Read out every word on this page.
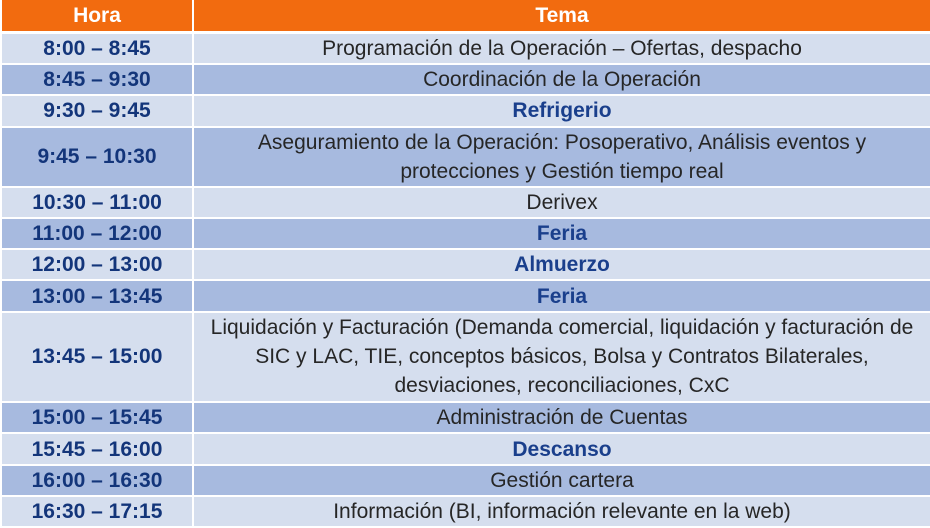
Hora	Tema
8:00 – 8:45	Programación de la Operación – Ofertas, despacho
8:45 – 9:30	Coordinación de la Operación
9:30 – 9:45	Refrigerio
9:45 – 10:30	Aseguramiento de la Operación: Posoperativo, Análisis eventos y protecciones y Gestión tiempo real
10:30 – 11:00	Derivex
11:00 – 12:00	Feria
12:00 – 13:00	Almuerzo
13:00 – 13:45	Feria
13:45 – 15:00	Liquidación y Facturación (Demanda comercial, liquidación y facturación de SIC y LAC, TIE, conceptos básicos, Bolsa y Contratos Bilaterales, desviaciones, reconciliaciones, CxC
15:00 – 15:45	Administración de Cuentas
15:45 – 16:00	Descanso
16:00 – 16:30	Gestión cartera
16:30 – 17:15	Información (BI, información relevante en la web)
